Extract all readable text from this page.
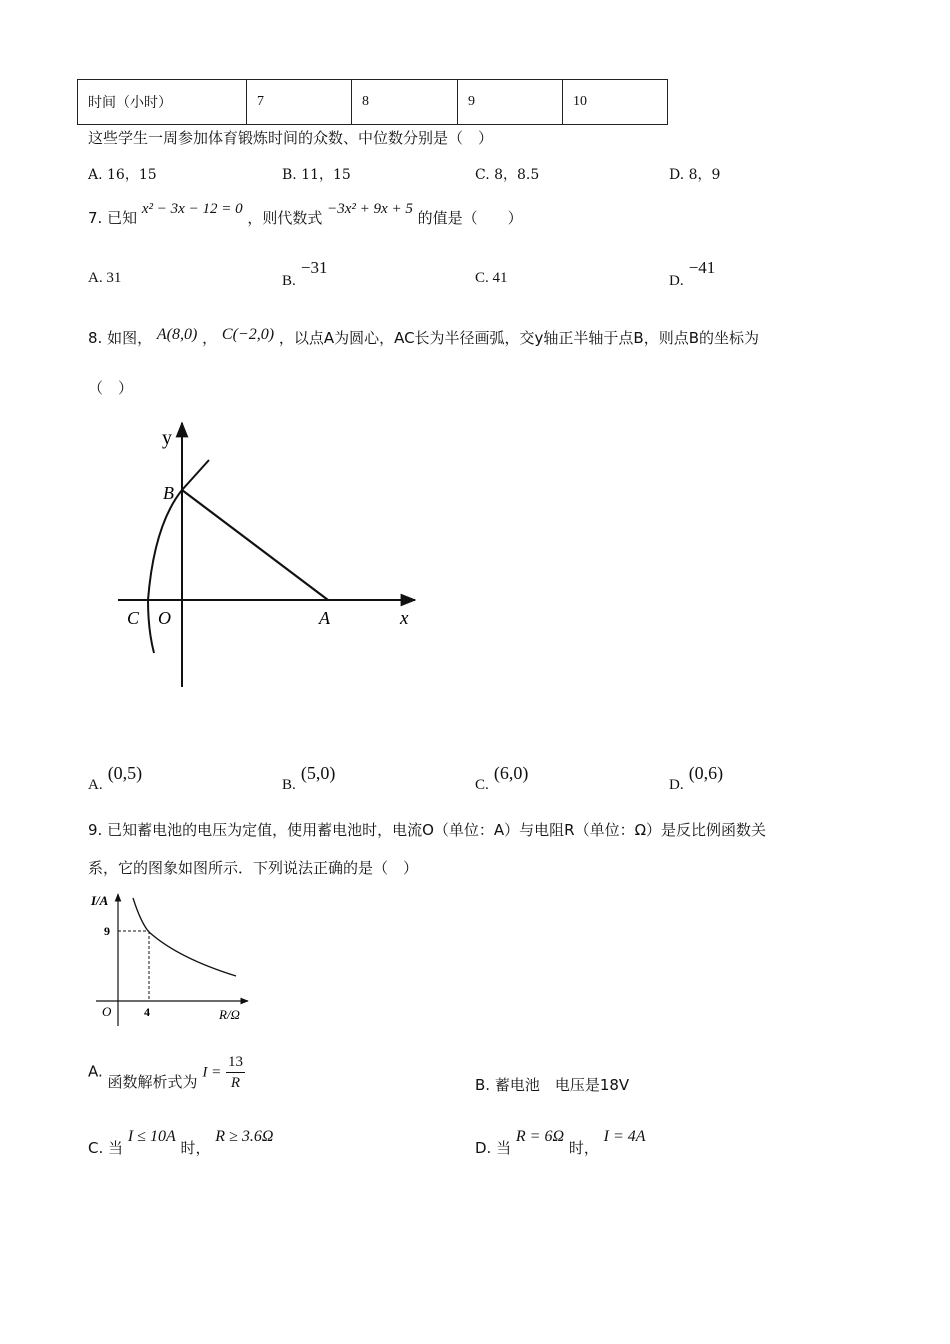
时间（小时）	7	8	9	10
这些学生一周参加体育锻炼时间的众数、中位数分别是（　）
A. 16，15	B. 11，15	C. 8，8.5	D. 8，9
7. 已知 x² − 3x − 12 = 0 ，则代数式 −3x² + 9x + 5 的值是（　　）
A. 31	B. −31
C. 41	D. −41
8. 如图， A(8,0) ， C(−2,0) ，以点A为圆心，AC长为半径画弧，交y轴正半轴于点B，则点B的坐标为
（　）
y
x
B
C O	A
A. (0,5)
B. (5,0)
C. (6,0)
D. (0,6)
9. 已知蓄电池的电压为定值，使用蓄电池时，电流O（单位：A）与电阻R（单位：Ω）是反比例函数关
系，它的图象如图所示．下列说法正确的是（　）
I/A
9
4
O	R/Ω
A. 函数解析式为 $I = \frac{13}{R}$	B. 蓄电池　电压是18V
C. 当 I ≤ 10A 时， R ≥ 3.6Ω
D. 当 R = 6Ω 时， I = 4A
